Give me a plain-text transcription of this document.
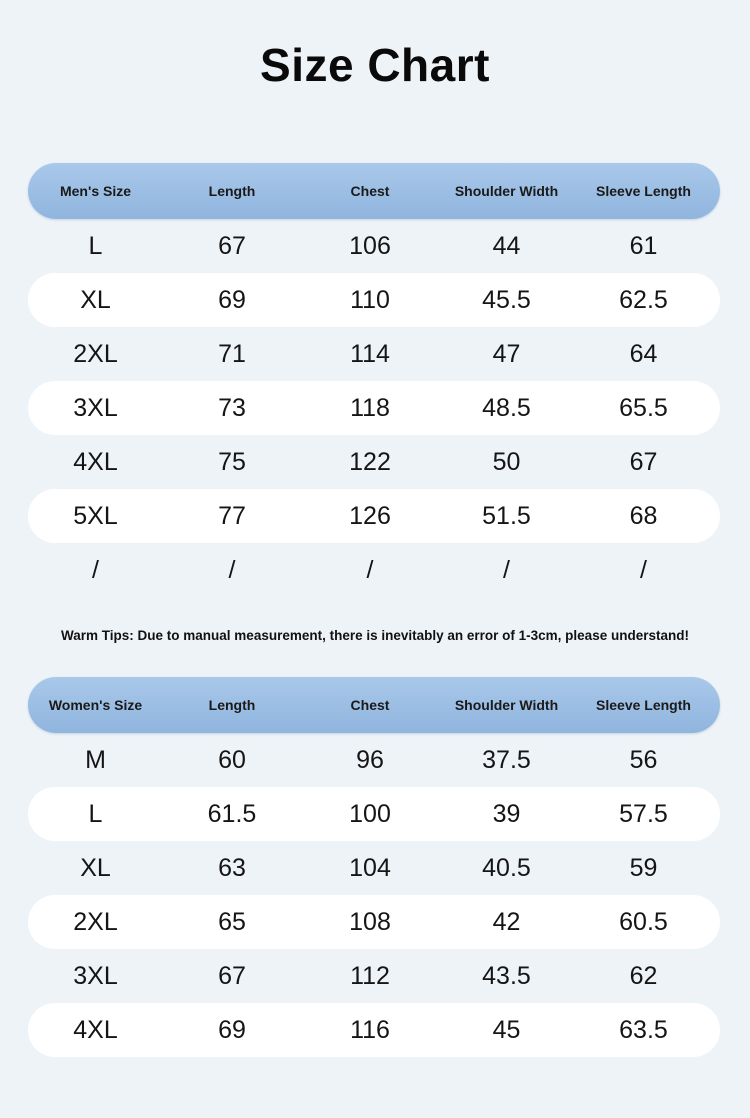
Size Chart
Men's Size	Length	Chest	Shoulder Width	Sleeve Length
L	67	106	44	61
XL	69	110	45.5	62.5
2XL	71	114	47	64
3XL	73	118	48.5	65.5
4XL	75	122	50	67
5XL	77	126	51.5	68
/	/	/	/	/
Warm Tips: Due to manual measurement, there is inevitably an error of 1-3cm, please understand!
Women's Size	Length	Chest	Shoulder Width	Sleeve Length
M	60	96	37.5	56
L	61.5	100	39	57.5
XL	63	104	40.5	59
2XL	65	108	42	60.5
3XL	67	112	43.5	62
4XL	69	116	45	63.5
